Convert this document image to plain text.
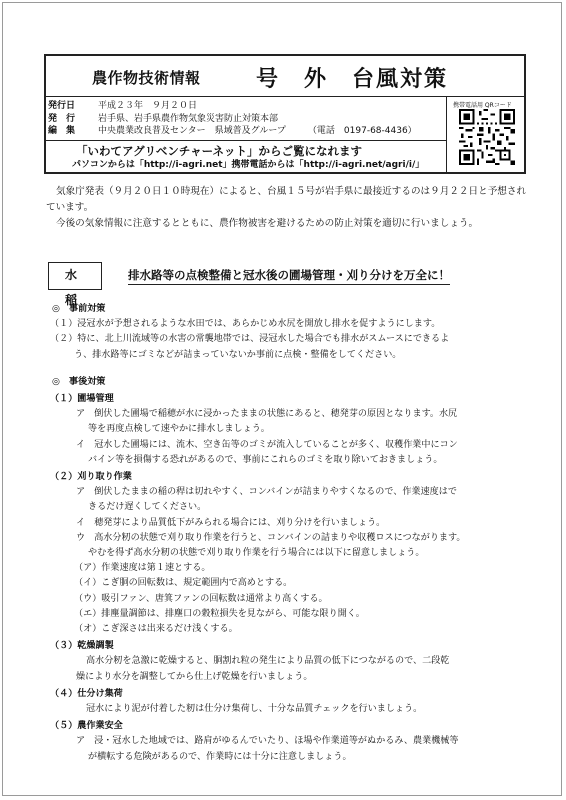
農作物技術情報	号　外　台風対策
発行日	平成２３年　９月２０日
発　行	岩手県、岩手県農作物気象災害防止対策本部
編　集	中央農業改良普及センター　県域普及グループ （電話　0197-68-4436）
「いわてアグリベンチャーネット」からご覧になれます
パソコンからは「http://i-agri.net」携帯電話からは「http://i-agri.net/agri/i/」
携帯電話用 QRコード

気象庁発表（９月２０日１０時現在）によると、台風１５号が岩手県に最接近するのは９月２２日と予想されています。

今後の気象情報に注意するとともに、農作物被害を避けるための防止対策を適切に行いましょう。

水　稲
排水路等の点検整備と冠水後の圃場管理・刈り分けを万全に！
◎　事前対策
（１）浸冠水が予想されるような水田では、あらかじめ水尻を開放し排水を促すようにします。
（２）特に、北上川流域等の水害の常襲地帯では、浸冠水した場合でも排水がスムースにできるよ
う、排水路等にゴミなどが詰まっていないか事前に点検・整備をしてください。
◎　事後対策
（１）圃場管理
ア　倒伏した圃場で稲穂が水に浸かったままの状態にあると、穂発芽の原因となります。水尻
等を再度点検して速やかに排水しましょう。
イ　冠水した圃場には、流木、空き缶等のゴミが流入していることが多く、収穫作業中にコン
バイン等を損傷する恐れがあるので、事前にこれらのゴミを取り除いておきましょう。
（２）刈り取り作業
ア　倒伏したままの稲の稈は切れやすく、コンバインが詰まりやすくなるので、作業速度はで
きるだけ遅くしてください。
イ　穂発芽により品質低下がみられる場合には、刈り分けを行いましょう。
ウ　高水分籾の状態で刈り取り作業を行うと、コンバインの詰まりや収穫ロスにつながります。
やむを得ず高水分籾の状態で刈り取り作業を行う場合には以下に留意しましょう。
（ア）作業速度は第１速とする。
（イ）こぎ胴の回転数は、規定範囲内で高めとする。
（ウ）吸引ファン、唐箕ファンの回転数は通常より高くする。
（エ）排塵量調節は、排塵口の穀粒損失を見ながら、可能な限り開く。
（オ）こぎ深さは出来るだけ浅くする。
（３）乾燥調製
高水分籾を急激に乾燥すると、胴割れ粒の発生により品質の低下につながるので、二段乾
燥により水分を調整してから仕上げ乾燥を行いましょう。
（４）仕分け集荷
冠水により泥が付着した籾は仕分け集荷し、十分な品質チェックを行いましょう。
（５）農作業安全
ア　浸・冠水した地域では、路肩がゆるんでいたり、ほ場や作業道等がぬかるみ、農業機械等
が横転する危険があるので、作業時には十分に注意しましょう。
